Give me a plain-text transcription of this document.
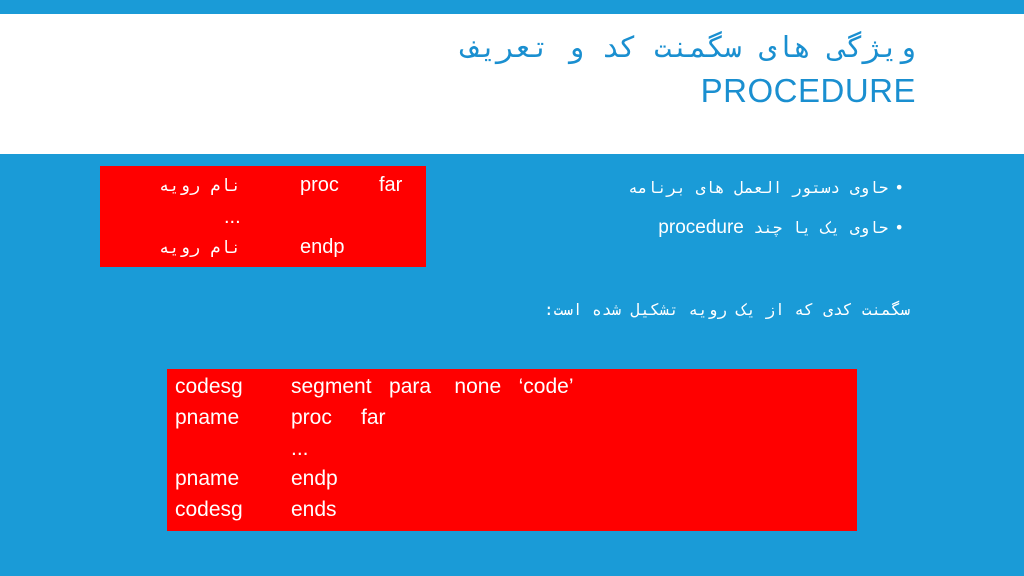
ویژگی های سگمنت کد و تعریف
PROCEDURE
نام رویه	proc far
...
نام رویه	endp
•حاوی دستور العمل های برنامه
•حاوی یک یا چند procedure
سگمنت کدی که از یک رویه تشکیل شده است:
codesg segment   para    none   ‘code’
pname proc     far
...
pname endp
codesg ends
